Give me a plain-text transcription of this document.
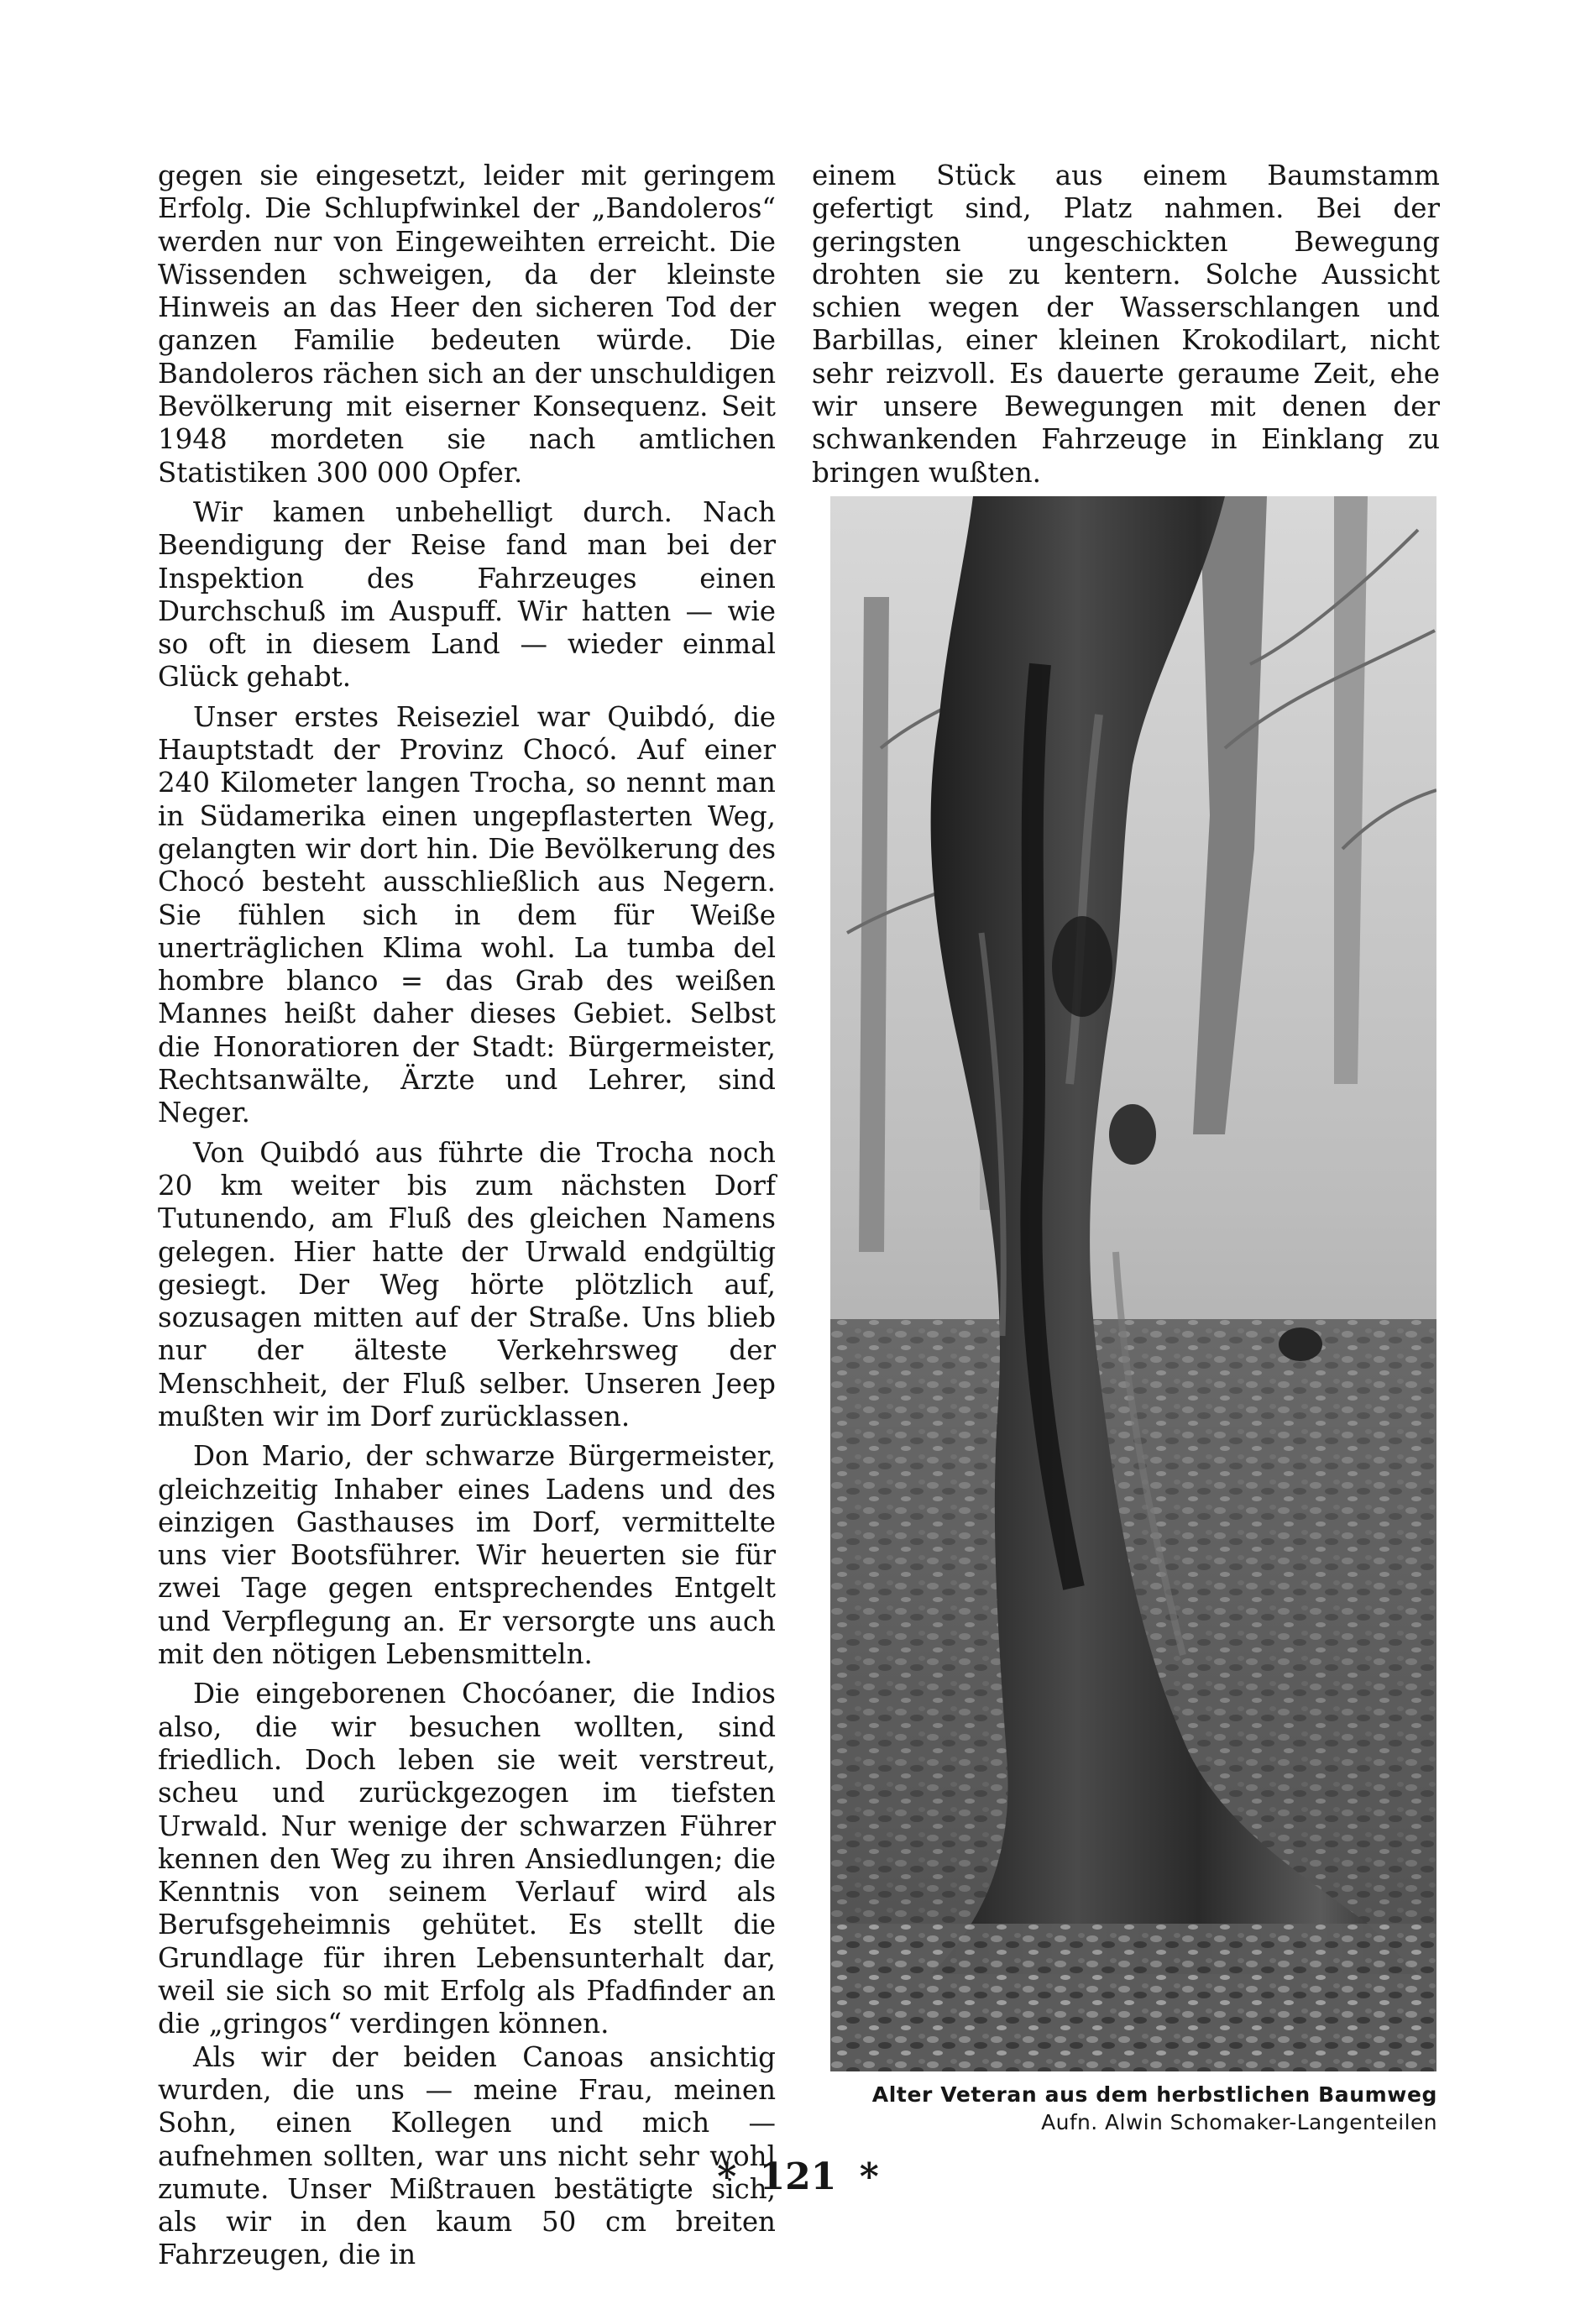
gegen sie eingesetzt, leider mit geringem Erfolg. Die Schlupfwinkel der „Bandoleros“ werden nur von Eingeweihten erreicht. Die Wissenden schweigen, da der kleinste Hinweis an das Heer den sicheren Tod der ganzen Familie bedeuten würde. Die Bandoleros rächen sich an der unschuldigen Bevölkerung mit eiserner Konsequenz. Seit 1948 mordeten sie nach amtlichen Statistiken 300 000 Opfer.

Wir kamen unbehelligt durch. Nach Beendigung der Reise fand man bei der Inspektion des Fahrzeuges einen Durchschuß im Auspuff. Wir hatten — wie so oft in diesem Land — wieder einmal Glück gehabt.

Unser erstes Reiseziel war Quibdó, die Hauptstadt der Provinz Chocó. Auf einer 240 Kilometer langen Trocha, so nennt man in Südamerika einen ungepflasterten Weg, gelangten wir dort hin. Die Bevölkerung des Chocó besteht ausschließlich aus Negern. Sie fühlen sich in dem für Weiße unerträglichen Klima wohl. La tumba del hombre blanco = das Grab des weißen Mannes heißt daher dieses Gebiet. Selbst die Honoratioren der Stadt: Bürgermeister, Rechtsanwälte, Ärzte und Lehrer, sind Neger.

Von Quibdó aus führte die Trocha noch 20 km weiter bis zum nächsten Dorf Tutunendo, am Fluß des gleichen Namens gelegen. Hier hatte der Urwald endgültig gesiegt. Der Weg hörte plötzlich auf, sozusagen mitten auf der Straße. Uns blieb nur der älteste Verkehrsweg der Menschheit, der Fluß selber. Unseren Jeep mußten wir im Dorf zurücklassen.

Don Mario, der schwarze Bürgermeister, gleichzeitig Inhaber eines Ladens und des einzigen Gasthauses im Dorf, vermittelte uns vier Bootsführer. Wir heuerten sie für zwei Tage gegen entsprechendes Entgelt und Verpflegung an. Er versorgte uns auch mit den nötigen Lebensmitteln.

Die eingeborenen Chocóaner, die Indios also, die wir besuchen wollten, sind friedlich. Doch leben sie weit verstreut, scheu und zurückgezogen im tiefsten Urwald. Nur wenige der schwarzen Führer kennen den Weg zu ihren Ansiedlungen; die Kenntnis von seinem Verlauf wird als Berufsgeheimnis gehütet. Es stellt die Grundlage für ihren Lebensunterhalt dar, weil sie sich so mit Erfolg als Pfadfinder an die „gringos“ verdingen können.

Als wir der beiden Canoas ansichtig wurden, die uns — meine Frau, meinen Sohn, einen Kollegen und mich — aufnehmen sollten, war uns nicht sehr wohl zumute. Unser Mißtrauen bestätigte sich, als wir in den kaum 50 cm breiten Fahrzeugen, die in

einem Stück aus einem Baumstamm gefertigt sind, Platz nahmen. Bei der geringsten ungeschickten Bewegung drohten sie zu kentern. Solche Aussicht schien wegen der Wasserschlangen und Barbillas, einer kleinen Krokodilart, nicht sehr reizvoll. Es dauerte geraume Zeit, ehe wir unsere Bewegungen mit denen der schwankenden Fahrzeuge in Einklang zu bringen wußten.

Alter Veteran aus dem herbstlichen Baumweg
Aufn. Alwin Schomaker-Langenteilen
* 121 *
